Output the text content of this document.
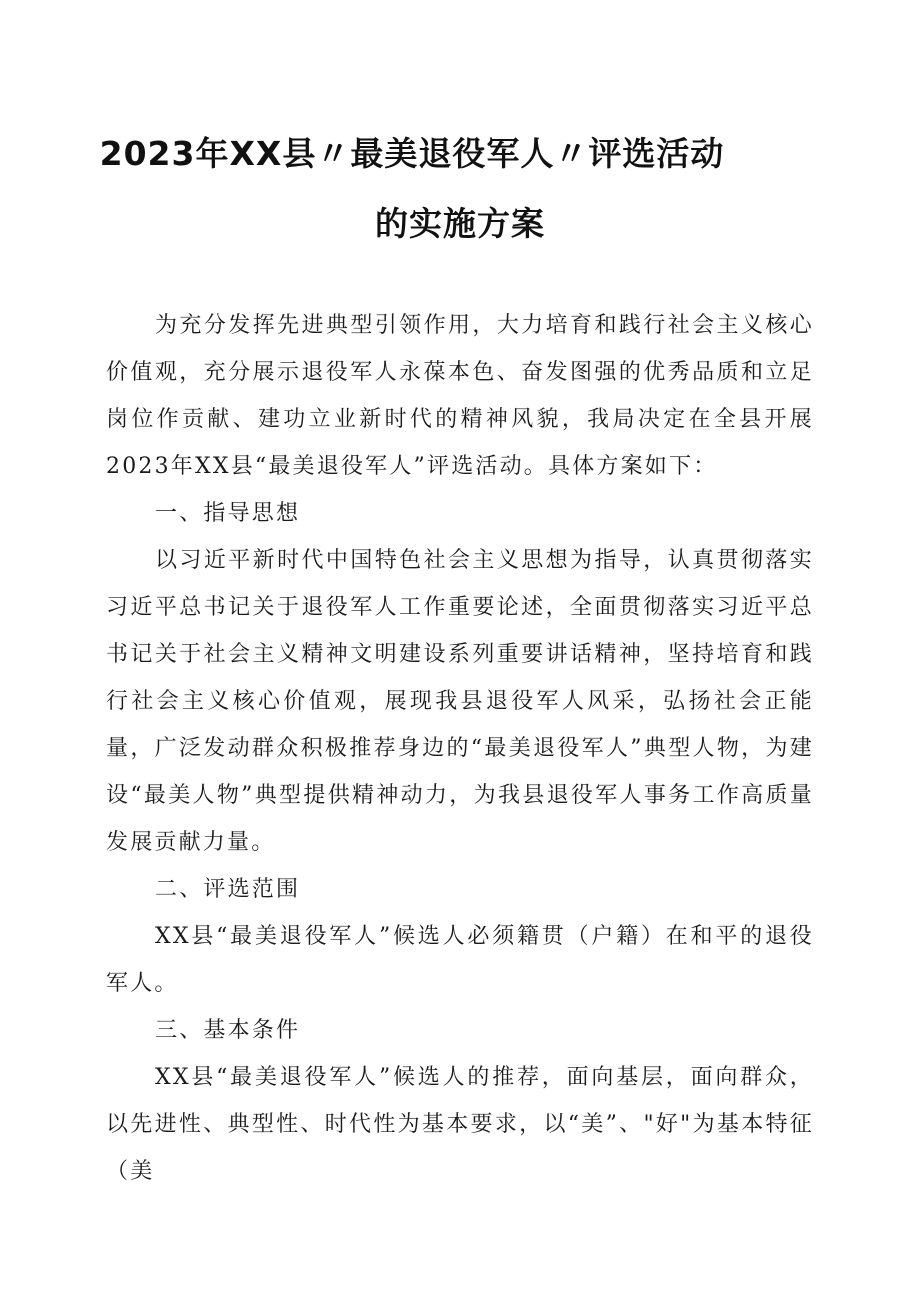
2023年XX县〃最美退役军人〃评选活动
的实施方案

为充分发挥先进典型引领作用，大力培育和践行社会主义核心价值观，充分展示退役军人永葆本色、奋发图强的优秀品质和立足岗位作贡献、建功立业新时代的精神风貌，我局决定在全县开展2023年XX县“最美退役军人”评选活动。具体方案如下：

一、指导思想

以习近平新时代中国特色社会主义思想为指导，认真贯彻落实习近平总书记关于退役军人工作重要论述，全面贯彻落实习近平总书记关于社会主义精神文明建设系列重要讲话精神，坚持培育和践行社会主义核心价值观，展现我县退役军人风采，弘扬社会正能量，广泛发动群众积极推荐身边的“最美退役军人”典型人物，为建设“最美人物”典型提供精神动力，为我县退役军人事务工作高质量发展贡献力量。

二、评选范围

XX县“最美退役军人”候选人必须籍贯（户籍）在和平的退役军人。

三、基本条件

XX县“最美退役军人”候选人的推荐，面向基层，面向群众，以先进性、典型性、时代性为基本要求，以“美”、"好"为基本特征（美
